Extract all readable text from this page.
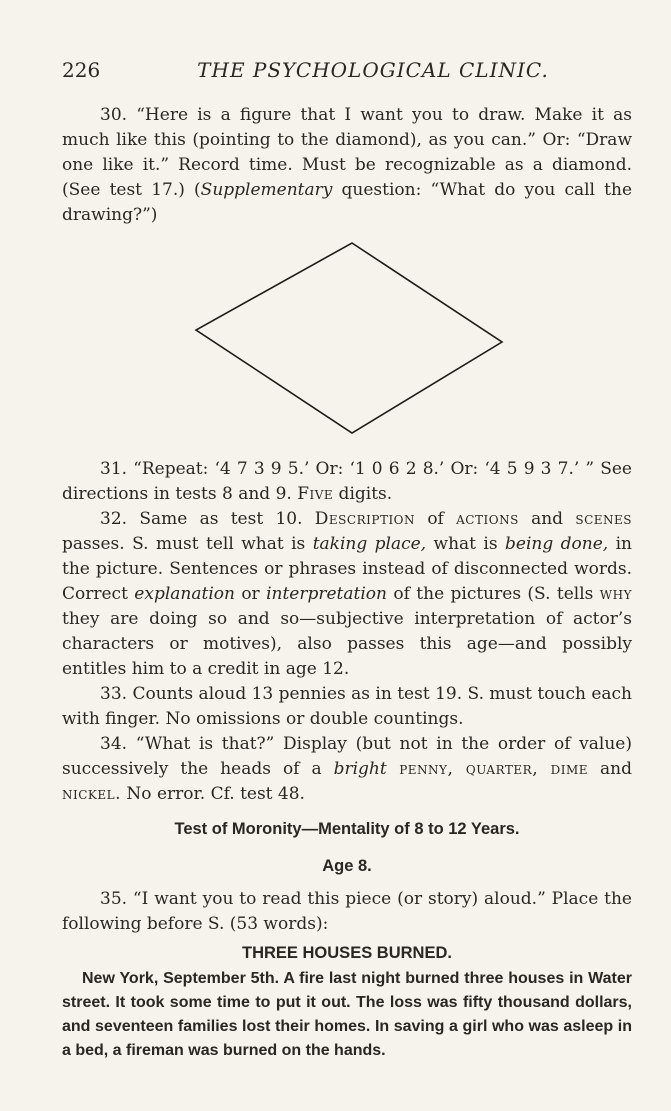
226	THE PSYCHOLOGICAL CLINIC.

30. “Here is a figure that I want you to draw. Make it as much like this (pointing to the diamond), as you can.” Or: “Draw one like it.” Record time. Must be recognizable as a diamond. (See test 17.) (Supplementary question: “What do you call the drawing?”)

31. “Repeat: ‘4 7 3 9 5.’ Or: ‘1 0 6 2 8.’ Or: ‘4 5 9 3 7.’ ” See directions in tests 8 and 9. Five digits.

32. Same as test 10. Description of actions and scenes passes. S. must tell what is taking place, what is being done, in the picture. Sentences or phrases instead of disconnected words. Correct explanation or interpretation of the pictures (S. tells why they are doing so and so—subjective interpretation of actor’s characters or motives), also passes this age—and possibly entitles him to a credit in age 12.

33. Counts aloud 13 pennies as in test 19. S. must touch each with finger. No omissions or double countings.

34. “What is that?” Display (but not in the order of value) successively the heads of a bright penny, quarter, dime and nickel. No error. Cf. test 48.

Test of Moronity—Mentality of 8 to 12 Years.
Age 8.

35. “I want you to read this piece (or story) aloud.” Place the following before S. (53 words):

THREE HOUSES BURNED.

New York, September 5th. A fire last night burned three houses in Water street. It took some time to put it out. The loss was fifty thousand dollars, and seventeen families lost their homes. In saving a girl who was asleep in a bed, a fireman was burned on the hands.
